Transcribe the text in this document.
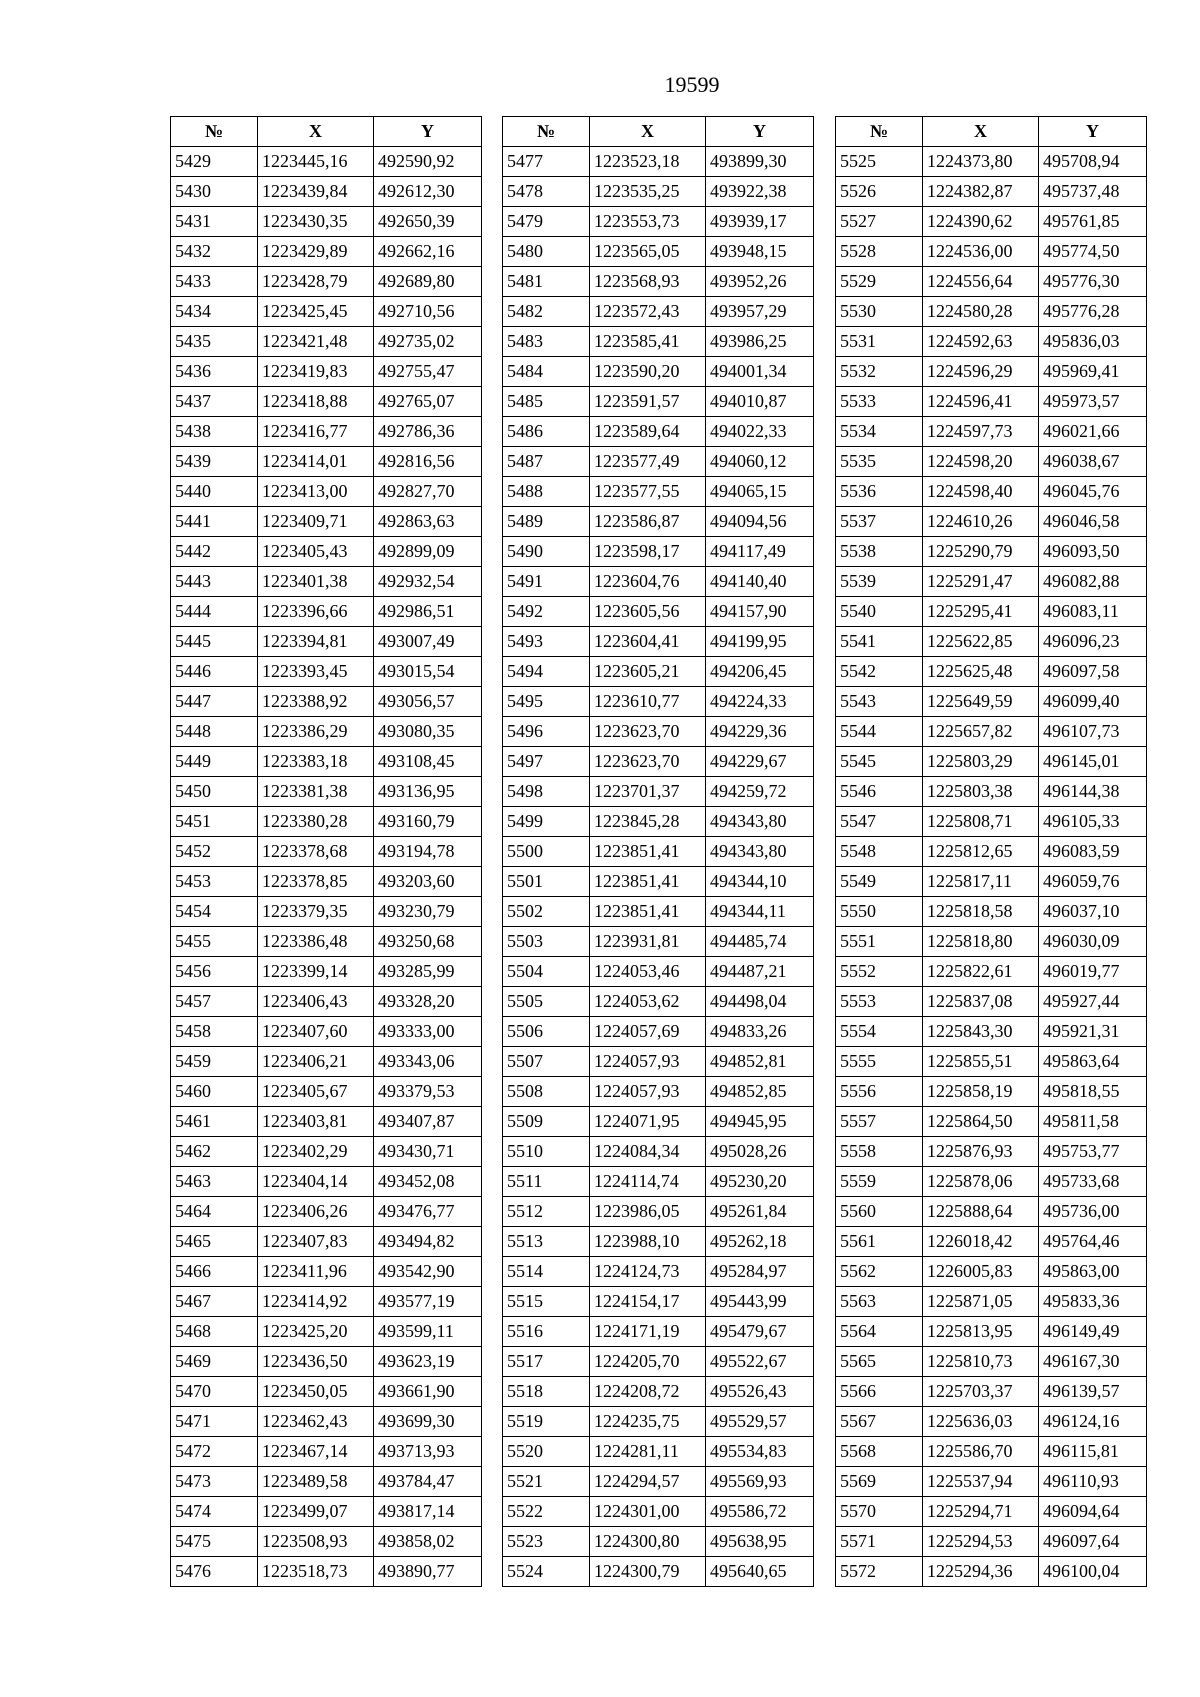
19599
№	X	Y
5429	1223445,16	492590,92
5430	1223439,84	492612,30
5431	1223430,35	492650,39
5432	1223429,89	492662,16
5433	1223428,79	492689,80
5434	1223425,45	492710,56
5435	1223421,48	492735,02
5436	1223419,83	492755,47
5437	1223418,88	492765,07
5438	1223416,77	492786,36
5439	1223414,01	492816,56
5440	1223413,00	492827,70
5441	1223409,71	492863,63
5442	1223405,43	492899,09
5443	1223401,38	492932,54
5444	1223396,66	492986,51
5445	1223394,81	493007,49
5446	1223393,45	493015,54
5447	1223388,92	493056,57
5448	1223386,29	493080,35
5449	1223383,18	493108,45
5450	1223381,38	493136,95
5451	1223380,28	493160,79
5452	1223378,68	493194,78
5453	1223378,85	493203,60
5454	1223379,35	493230,79
5455	1223386,48	493250,68
5456	1223399,14	493285,99
5457	1223406,43	493328,20
5458	1223407,60	493333,00
5459	1223406,21	493343,06
5460	1223405,67	493379,53
5461	1223403,81	493407,87
5462	1223402,29	493430,71
5463	1223404,14	493452,08
5464	1223406,26	493476,77
5465	1223407,83	493494,82
5466	1223411,96	493542,90
5467	1223414,92	493577,19
5468	1223425,20	493599,11
5469	1223436,50	493623,19
5470	1223450,05	493661,90
5471	1223462,43	493699,30
5472	1223467,14	493713,93
5473	1223489,58	493784,47
5474	1223499,07	493817,14
5475	1223508,93	493858,02
5476	1223518,73	493890,77
№	X	Y
5477	1223523,18	493899,30
5478	1223535,25	493922,38
5479	1223553,73	493939,17
5480	1223565,05	493948,15
5481	1223568,93	493952,26
5482	1223572,43	493957,29
5483	1223585,41	493986,25
5484	1223590,20	494001,34
5485	1223591,57	494010,87
5486	1223589,64	494022,33
5487	1223577,49	494060,12
5488	1223577,55	494065,15
5489	1223586,87	494094,56
5490	1223598,17	494117,49
5491	1223604,76	494140,40
5492	1223605,56	494157,90
5493	1223604,41	494199,95
5494	1223605,21	494206,45
5495	1223610,77	494224,33
5496	1223623,70	494229,36
5497	1223623,70	494229,67
5498	1223701,37	494259,72
5499	1223845,28	494343,80
5500	1223851,41	494343,80
5501	1223851,41	494344,10
5502	1223851,41	494344,11
5503	1223931,81	494485,74
5504	1224053,46	494487,21
5505	1224053,62	494498,04
5506	1224057,69	494833,26
5507	1224057,93	494852,81
5508	1224057,93	494852,85
5509	1224071,95	494945,95
5510	1224084,34	495028,26
5511	1224114,74	495230,20
5512	1223986,05	495261,84
5513	1223988,10	495262,18
5514	1224124,73	495284,97
5515	1224154,17	495443,99
5516	1224171,19	495479,67
5517	1224205,70	495522,67
5518	1224208,72	495526,43
5519	1224235,75	495529,57
5520	1224281,11	495534,83
5521	1224294,57	495569,93
5522	1224301,00	495586,72
5523	1224300,80	495638,95
5524	1224300,79	495640,65
№	X	Y
5525	1224373,80	495708,94
5526	1224382,87	495737,48
5527	1224390,62	495761,85
5528	1224536,00	495774,50
5529	1224556,64	495776,30
5530	1224580,28	495776,28
5531	1224592,63	495836,03
5532	1224596,29	495969,41
5533	1224596,41	495973,57
5534	1224597,73	496021,66
5535	1224598,20	496038,67
5536	1224598,40	496045,76
5537	1224610,26	496046,58
5538	1225290,79	496093,50
5539	1225291,47	496082,88
5540	1225295,41	496083,11
5541	1225622,85	496096,23
5542	1225625,48	496097,58
5543	1225649,59	496099,40
5544	1225657,82	496107,73
5545	1225803,29	496145,01
5546	1225803,38	496144,38
5547	1225808,71	496105,33
5548	1225812,65	496083,59
5549	1225817,11	496059,76
5550	1225818,58	496037,10
5551	1225818,80	496030,09
5552	1225822,61	496019,77
5553	1225837,08	495927,44
5554	1225843,30	495921,31
5555	1225855,51	495863,64
5556	1225858,19	495818,55
5557	1225864,50	495811,58
5558	1225876,93	495753,77
5559	1225878,06	495733,68
5560	1225888,64	495736,00
5561	1226018,42	495764,46
5562	1226005,83	495863,00
5563	1225871,05	495833,36
5564	1225813,95	496149,49
5565	1225810,73	496167,30
5566	1225703,37	496139,57
5567	1225636,03	496124,16
5568	1225586,70	496115,81
5569	1225537,94	496110,93
5570	1225294,71	496094,64
5571	1225294,53	496097,64
5572	1225294,36	496100,04
